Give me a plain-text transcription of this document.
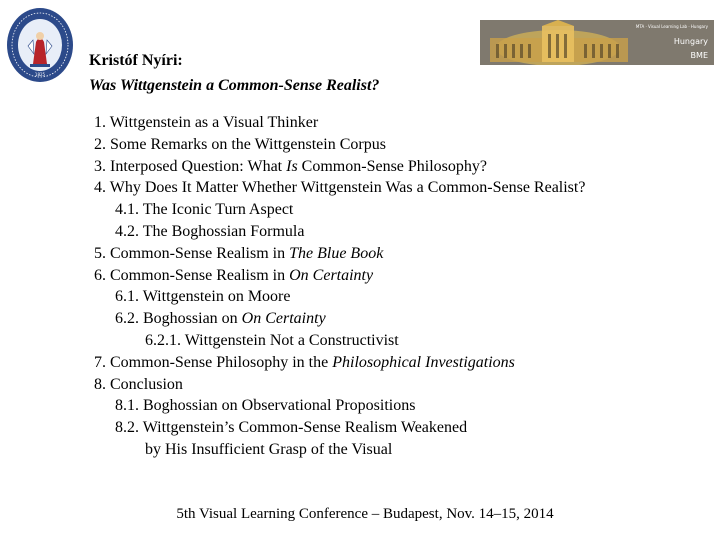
1825
MTA · Visual Learning Lab · Hungary
Hungary
BME
Kristóf Nyíri:
Was Wittgenstein a Common-Sense Realist?
1. Wittgenstein as a Visual Thinker
2. Some Remarks on the Wittgenstein Corpus
3. Interposed Question: What Is Common-Sense Philosophy?
4. Why Does It Matter Whether Wittgenstein Was a Common-Sense Realist?
4.1. The Iconic Turn Aspect
4.2. The Boghossian Formula
5. Common-Sense Realism in The Blue Book
6. Common-Sense Realism in On Certainty
6.1. Wittgenstein on Moore
6.2. Boghossian on On Certainty
6.2.1. Wittgenstein Not a Constructivist
7. Common-Sense Philosophy in the Philosophical Investigations
8. Conclusion
8.1. Boghossian on Observational Propositions
8.2. Wittgenstein’s Common-Sense Realism Weakened
by His Insufficient Grasp of the Visual
5th Visual Learning Conference – Budapest, Nov. 14–15, 2014
